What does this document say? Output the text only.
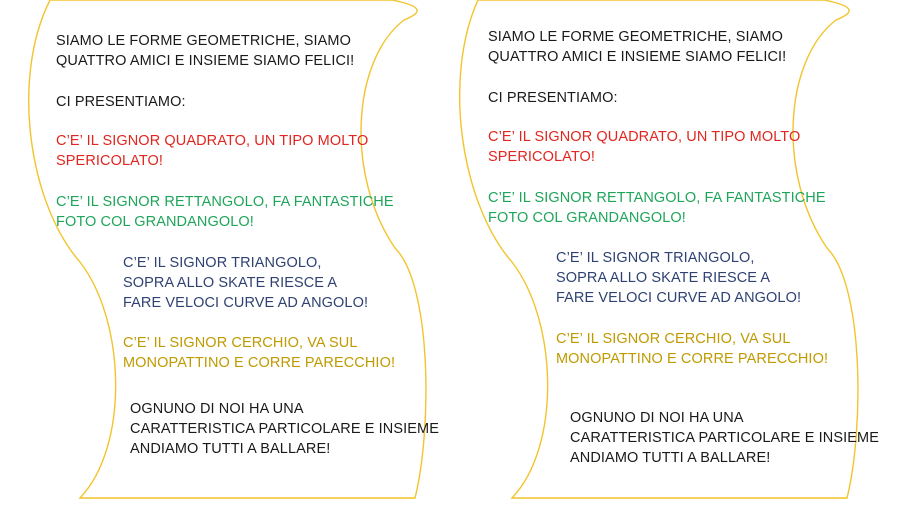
SIAMO LE FORME GEOMETRICHE, SIAMO
QUATTRO AMICI E INSIEME SIAMO FELICI!

CI PRESENTIAMO:

C’E’ IL SIGNOR QUADRATO, UN TIPO MOLTO
SPERICOLATO!

C’E’ IL SIGNOR RETTANGOLO, FA FANTASTICHE
FOTO COL GRANDANGOLO!

C’E’ IL SIGNOR TRIANGOLO,
SOPRA ALLO SKATE RIESCE A
FARE VELOCI CURVE AD ANGOLO!

C’E’ IL SIGNOR CERCHIO, VA SUL
MONOPATTINO E CORRE PARECCHIO!

OGNUNO DI NOI HA UNA
CARATTERISTICA PARTICOLARE E INSIEME
ANDIAMO TUTTI A BALLARE!

SIAMO LE FORME GEOMETRICHE, SIAMO
QUATTRO AMICI E INSIEME SIAMO FELICI!

CI PRESENTIAMO:

C’E’ IL SIGNOR QUADRATO, UN TIPO MOLTO
SPERICOLATO!

C’E’ IL SIGNOR RETTANGOLO, FA FANTASTICHE
FOTO COL GRANDANGOLO!

C’E’ IL SIGNOR TRIANGOLO,
SOPRA ALLO SKATE RIESCE A
FARE VELOCI CURVE AD ANGOLO!

C’E’ IL SIGNOR CERCHIO, VA SUL
MONOPATTINO E CORRE PARECCHIO!

OGNUNO DI NOI HA UNA
CARATTERISTICA PARTICOLARE E INSIEME
ANDIAMO TUTTI A BALLARE!
